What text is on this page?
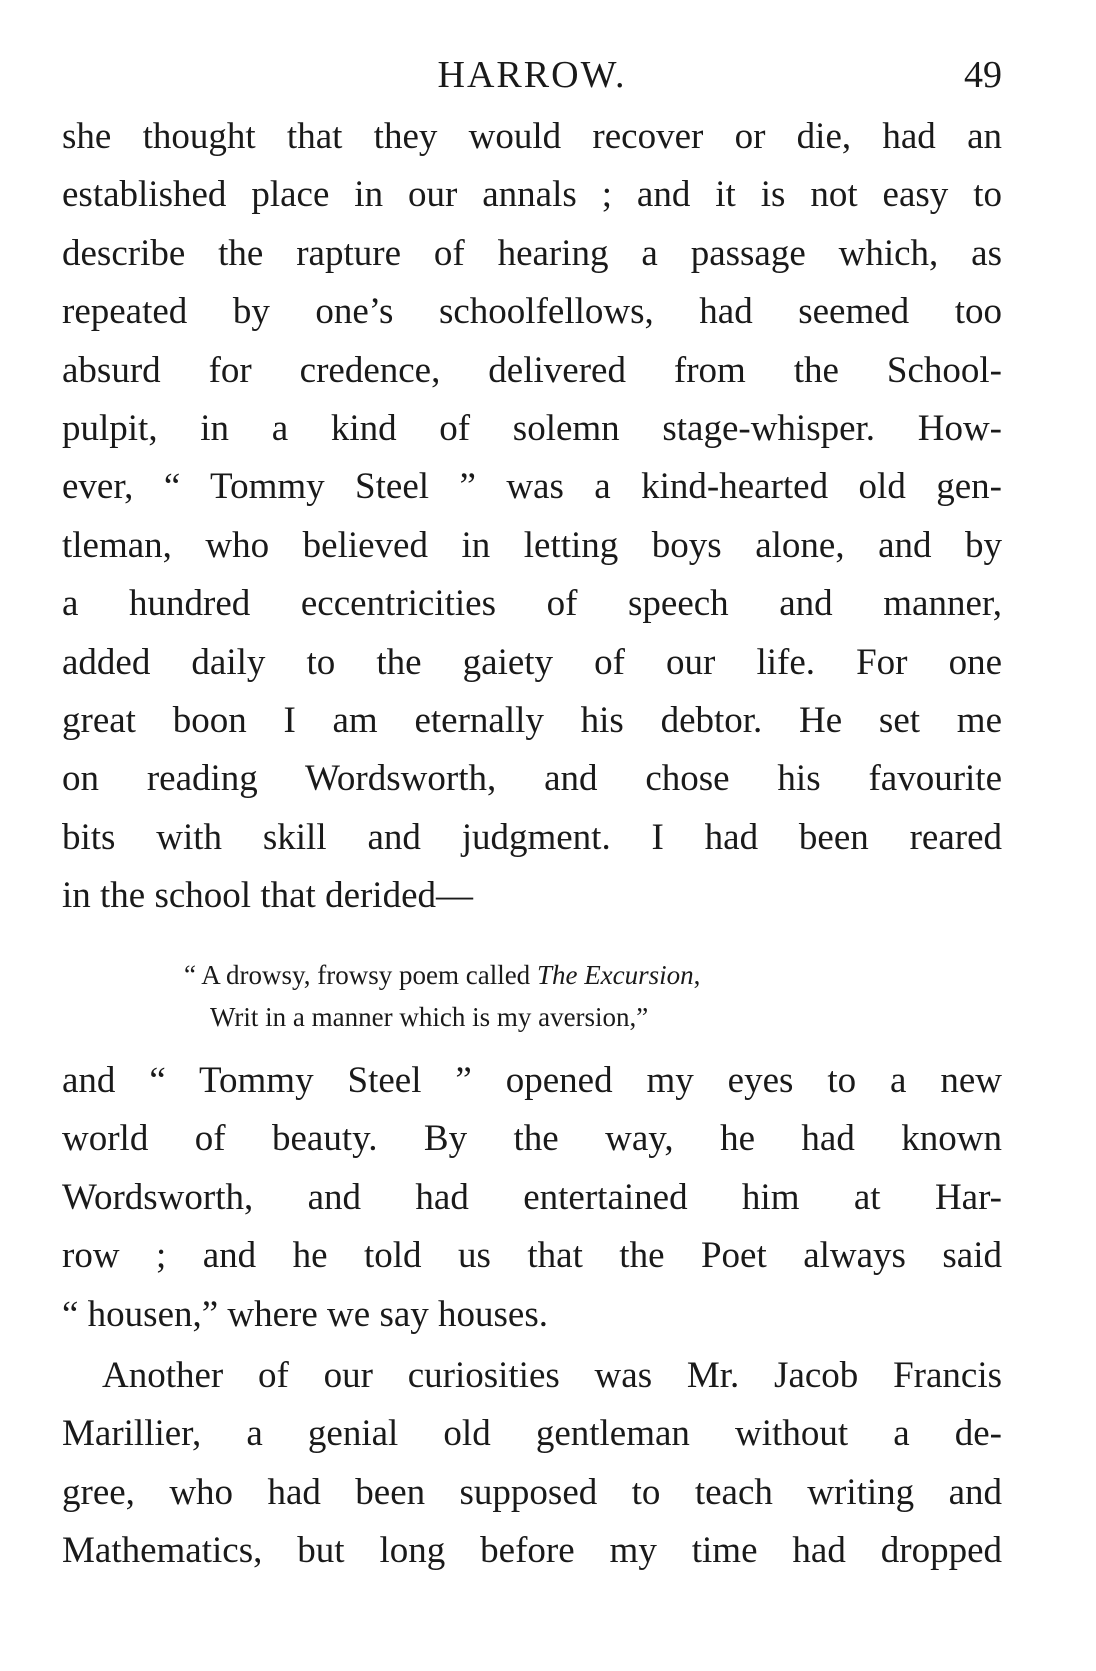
HARROW.	49
she thought that they would recover or die, had an
established place in our annals ; and it is not easy to
describe the rapture of hearing a passage which, as
repeated by one’s schoolfellows, had seemed too
absurd for credence, delivered from the School-
pulpit, in a kind of solemn stage-whisper. How-
ever, “ Tommy Steel ” was a kind-hearted old gen-
tleman, who believed in letting boys alone, and by
a hundred eccentricities of speech and manner,
added daily to the gaiety of our life. For one
great boon I am eternally his debtor. He set me
on reading Wordsworth, and chose his favourite
bits with skill and judgment. I had been reared
in the school that derided—
“ A drowsy, frowsy poem called The Excursion,
Writ in a manner which is my aversion,”
and “ Tommy Steel ” opened my eyes to a new
world of beauty. By the way, he had known
Wordsworth, and had entertained him at Har-
row ; and he told us that the Poet always said
“ housen,” where we say houses.
Another of our curiosities was Mr. Jacob Francis
Marillier, a genial old gentleman without a de-
gree, who had been supposed to teach writing and
Mathematics, but long before my time had dropped
